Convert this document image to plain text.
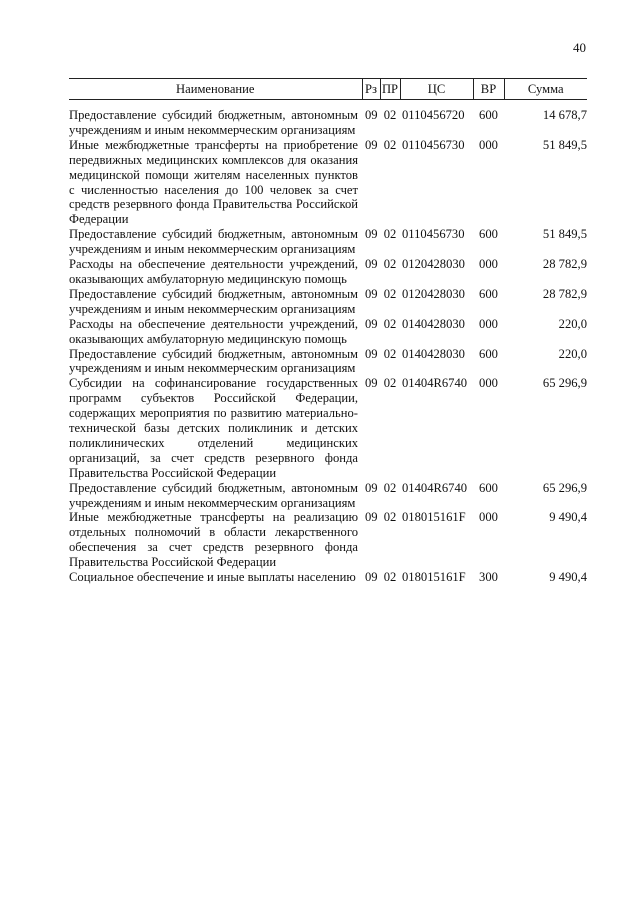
40
Наименование	Рз	ПР	ЦС	ВР	Сумма
Предоставление субсидий бюджетным, автономным учреждениям и иным некоммерческим организациям	09	02	0110456720	600	14 678,7
Иные межбюджетные трансферты на приобретение передвижных медицинских комплексов для оказания медицинской помощи жителям населенных пунктов с численностью населения до 100 человек за счет средств резервного фонда Правительства Российской Федерации	09	02	0110456730	000	51 849,5
Предоставление субсидий бюджетным, автономным учреждениям и иным некоммерческим организациям	09	02	0110456730	600	51 849,5
Расходы на обеспечение деятельности учреждений, оказывающих амбулаторную медицинскую помощь	09	02	0120428030	000	28 782,9
Предоставление субсидий бюджетным, автономным учреждениям и иным некоммерческим организациям	09	02	0120428030	600	28 782,9
Расходы на обеспечение деятельности учреждений, оказывающих амбулаторную медицинскую помощь	09	02	0140428030	000	220,0
Предоставление субсидий бюджетным, автономным учреждениям и иным некоммерческим организациям	09	02	0140428030	600	220,0
Субсидии на софинансирование государственных программ субъектов Российской Федерации, содержащих мероприятия по развитию материально-технической базы детских поликлиник и детских поликлинических отделений медицинских организаций, за счет средств резервного фонда Правительства Российской Федерации	09	02	01404R6740	000	65 296,9
Предоставление субсидий бюджетным, автономным учреждениям и иным некоммерческим организациям	09	02	01404R6740	600	65 296,9
Иные межбюджетные трансферты на реализацию отдельных полномочий в области лекарственного обеспечения за счет средств резервного фонда Правительства Российской Федерации	09	02	018015161F	000	9 490,4
Социальное обеспечение и иные выплаты населению	09	02	018015161F	300	9 490,4
